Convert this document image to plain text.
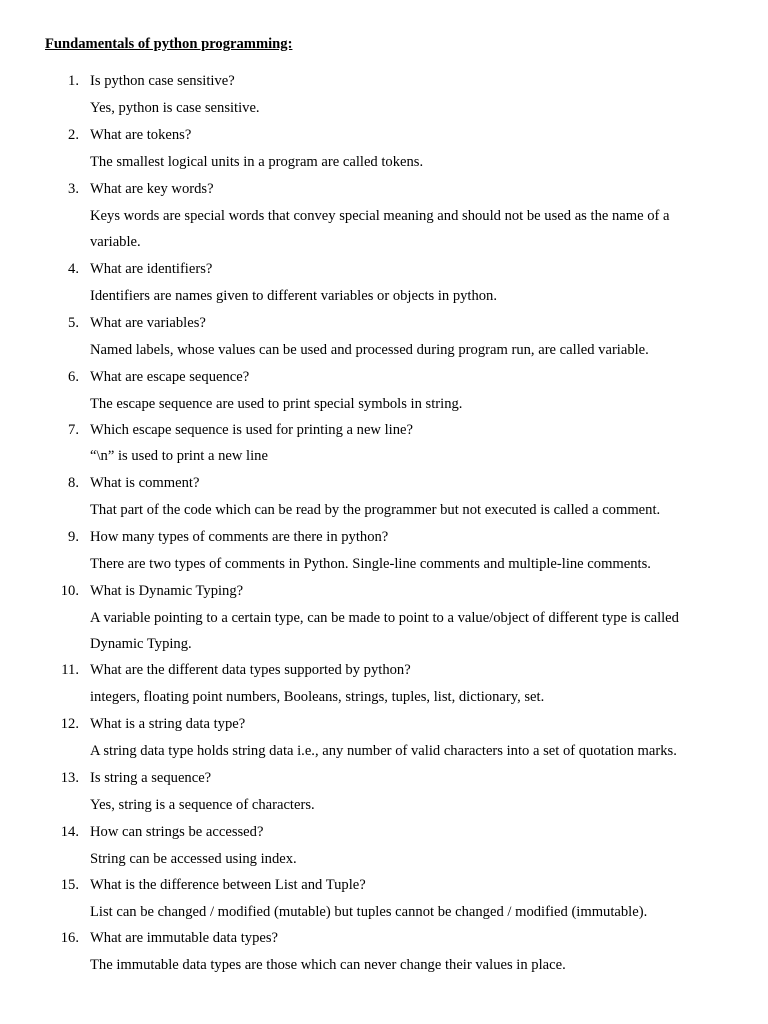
Fundamentals of python programming:
1. Is python case sensitive?
Yes, python is case sensitive.
2. What are tokens?
The smallest logical units in a program are called tokens.
3. What are key words?
Keys words are special words that convey special meaning and should not be used as the name of a
variable.
4. What are identifiers?
Identifiers are names given to different variables or objects in python.
5. What are variables?
Named labels, whose values can be used and processed during program run, are called variable.
6. What are escape sequence?
The escape sequence are used to print special symbols in string.
7. Which escape sequence is used for printing a new line?
“\n” is used to print a new line
8. What is comment?
That part of the code which can be read by the programmer but not executed is called a comment.
9. How many types of comments are there in python?
There are two types of comments in Python. Single-line comments and multiple-line comments.
10. What is Dynamic Typing?
A variable pointing to a certain type, can be made to point to a value/object of different type is called
Dynamic Typing.
11. What are the different data types supported by python?
integers, floating point numbers, Booleans, strings, tuples, list, dictionary, set.
12. What is a string data type?
A string data type holds string data i.e., any number of valid characters into a set of quotation marks.
13. Is string a sequence?
Yes, string is a sequence of characters.
14. How can strings be accessed?
String can be accessed using index.
15. What is the difference between List and Tuple?
List can be changed / modified (mutable) but tuples cannot be changed / modified (immutable).
16. What are immutable data types?
The immutable data types are those which can never change their values in place.
